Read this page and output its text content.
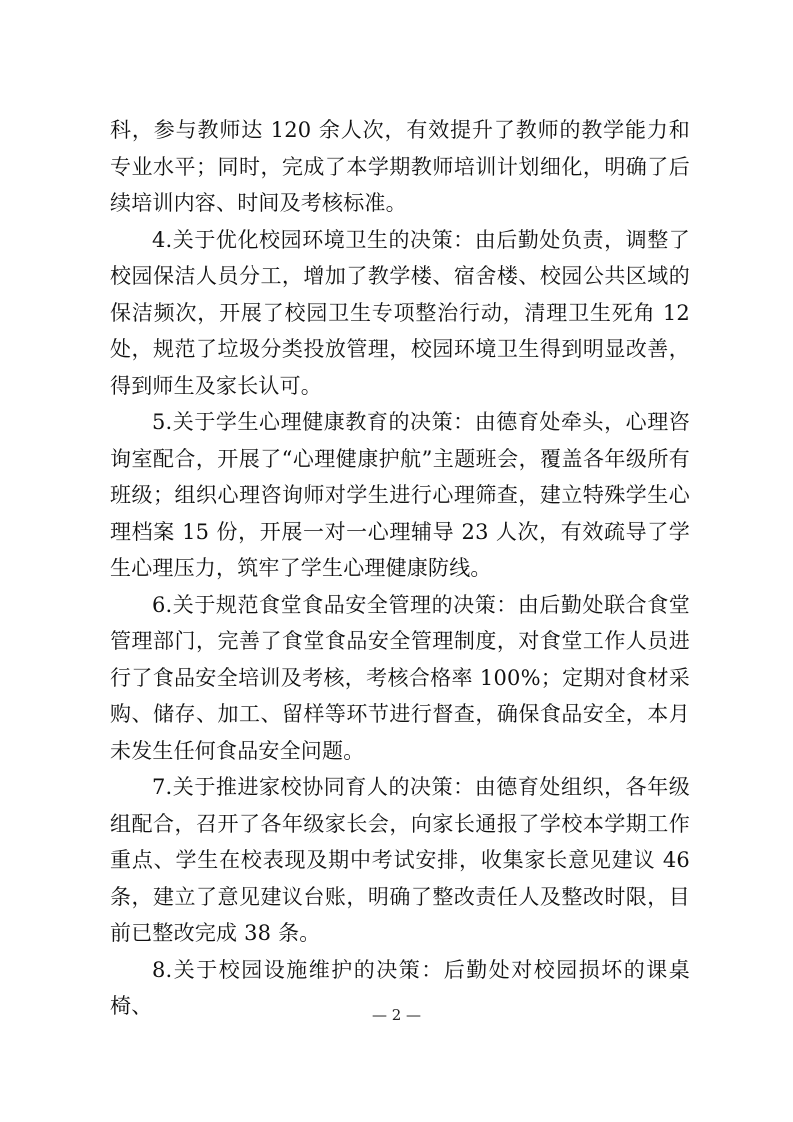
科，参与教师达 120 余人次，有效提升了教师的教学能力和专业水平；同时，完成了本学期教师培训计划细化，明确了后续培训内容、时间及考核标准。

4.关于优化校园环境卫生的决策：由后勤处负责，调整了校园保洁人员分工，增加了教学楼、宿舍楼、校园公共区域的保洁频次，开展了校园卫生专项整治行动，清理卫生死角 12 处，规范了垃圾分类投放管理，校园环境卫生得到明显改善，得到师生及家长认可。

5.关于学生心理健康教育的决策：由德育处牵头，心理咨询室配合，开展了“心理健康护航”主题班会，覆盖各年级所有班级；组织心理咨询师对学生进行心理筛查，建立特殊学生心理档案 15 份，开展一对一心理辅导 23 人次，有效疏导了学生心理压力，筑牢了学生心理健康防线。

6.关于规范食堂食品安全管理的决策：由后勤处联合食堂管理部门，完善了食堂食品安全管理制度，对食堂工作人员进行了食品安全培训及考核，考核合格率 100%；定期对食材采购、储存、加工、留样等环节进行督查，确保食品安全，本月未发生任何食品安全问题。

7.关于推进家校协同育人的决策：由德育处组织，各年级组配合，召开了各年级家长会，向家长通报了学校本学期工作重点、学生在校表现及期中考试安排，收集家长意见建议 46 条，建立了意见建议台账，明确了整改责任人及整改时限，目前已整改完成 38 条。

8.关于校园设施维护的决策：后勤处对校园损坏的课桌椅、	— 2 —
